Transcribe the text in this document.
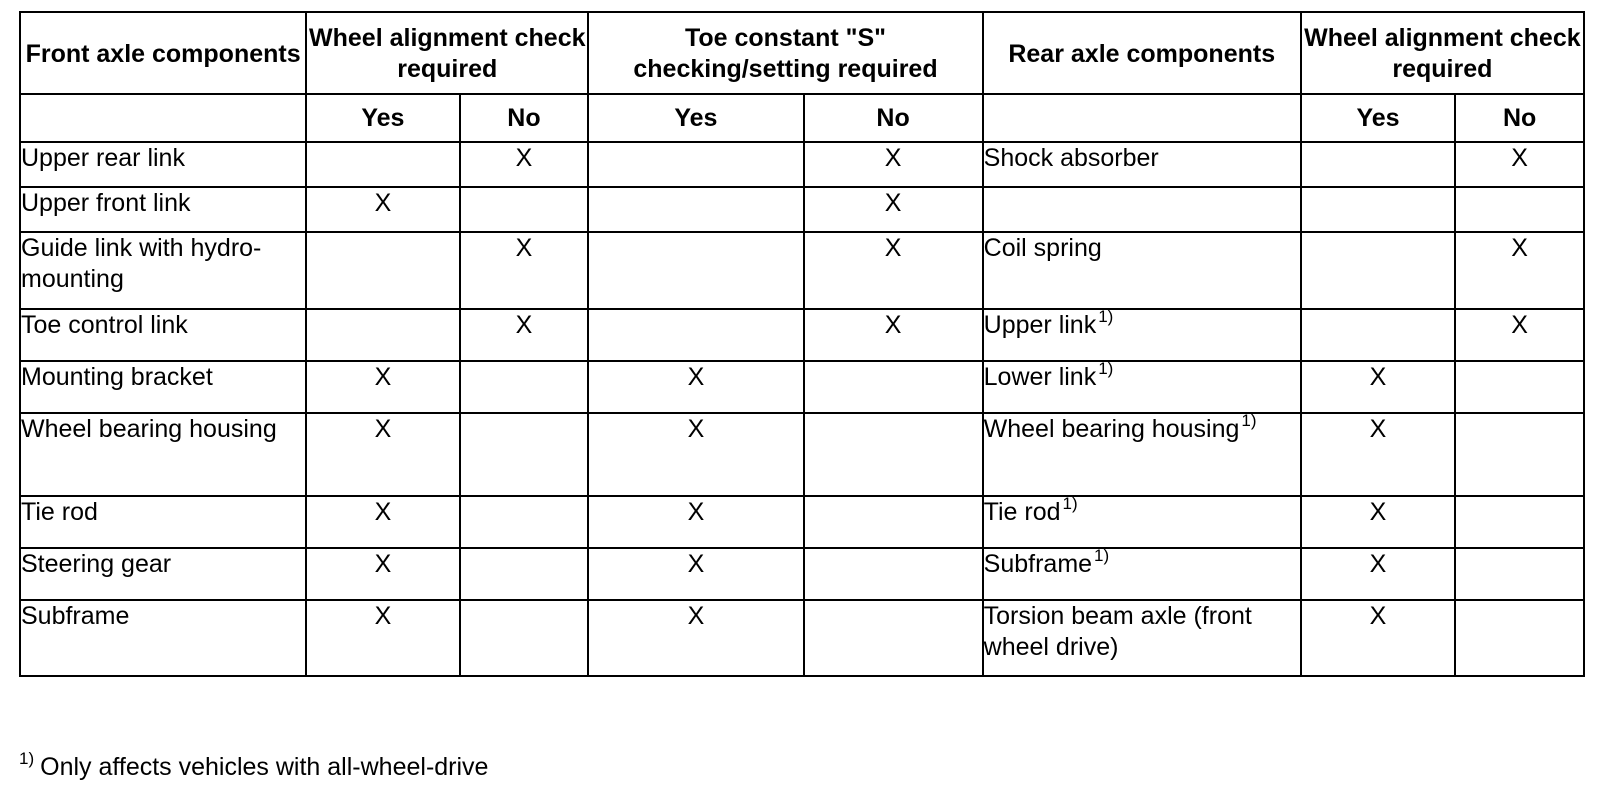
Front axle components	Wheel alignment check required		Toe constant "S" checking/setting required		Rear axle components	Wheel alignment check required	
	Yes	No	Yes	No		Yes	No
Upper rear link		X		X	Shock absorber		X
Upper front link	X			X			
Guide link with hydro-mounting		X		X	Coil spring		X
Toe control link		X		X	Upper link $^{1)}$		X
Mounting bracket	X		X		Lower link $^{1)}$	X	
Wheel bearing housing	X		X		Wheel bearing housing $^{1)}$	X	
Tie rod	X		X		Tie rod $^{1)}$	X	
Steering gear	X		X		Subframe $^{1)}$	X	
Subframe	X		X		Torsion beam axle (front wheel drive)	X	
$^{1)}$ Only affects vehicles with all-wheel-drive
